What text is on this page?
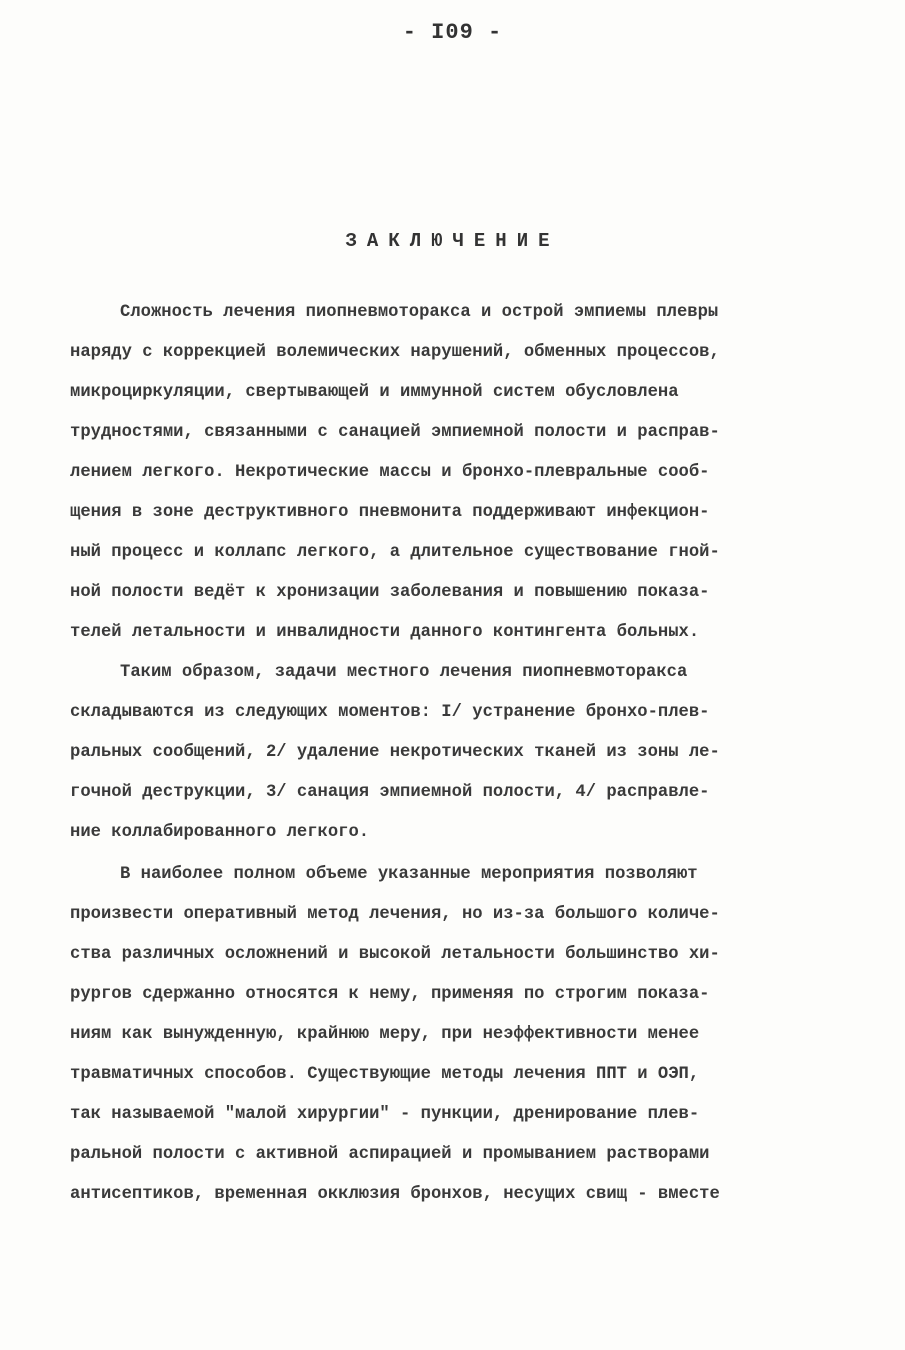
- I09 -
ЗАКЛЮЧЕНИЕ
Сложность лечения пиопневмоторакса и острой эмпиемы плевры
наряду с коррекцией волемических нарушений, обменных процессов,
микроциркуляции, свертывающей и иммунной систем обусловлена
трудностями, связанными с санацией эмпиемной полости и расправ-
лением легкого. Некротические массы и бронхо-плевральные сооб-
щения в зоне деструктивного пневмонита поддерживают инфекцион-
ный процесс и коллапс легкого, а длительное существование гной-
ной полости ведёт к хронизации заболевания и повышению показа-
телей летальности и инвалидности данного контингента больных.
Таким образом, задачи местного лечения пиопневмоторакса
складываются из следующих моментов: I/ устранение бронхо-плев-
ральных сообщений, 2/ удаление некротических тканей из зоны ле-
гочной деструкции, 3/ санация эмпиемной полости, 4/ расправле-
ние коллабированного легкого.
В наиболее полном объеме указанные мероприятия позволяют
произвести оперативный метод лечения, но из-за большого количе-
ства различных осложнений и высокой летальности большинство хи-
рургов сдержанно относятся к нему, применяя по строгим показа-
ниям как вынужденную, крайнюю меру, при неэффективности менее
травматичных способов. Существующие методы лечения ППТ и ОЭП,
так называемой "малой хирургии" - пункции, дренирование плев-
ральной полости с активной аспирацией и промыванием растворами
антисептиков, временная окклюзия бронхов, несущих свищ - вместе
